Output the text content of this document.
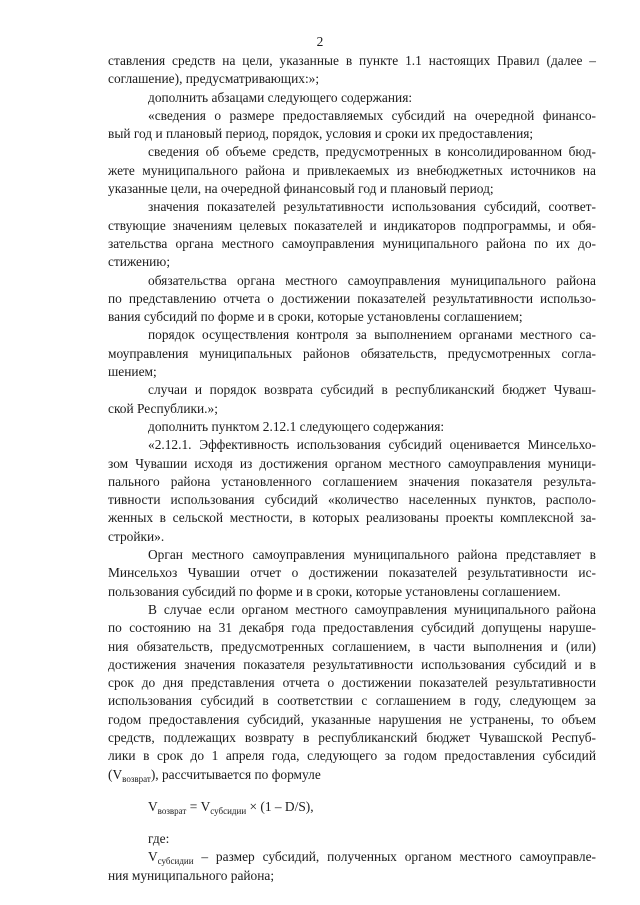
2
ставления средств на цели, указанные в пункте 1.1 настоящих Правил (далее –
соглашение), предусматривающих:»;
дополнить абзацами следующего содержания:
«сведения о размере предоставляемых субсидий на очередной финансо-
вый год и плановый период, порядок, условия и сроки их предоставления;
сведения об объеме средств, предусмотренных в консолидированном бюд-
жете муниципального района и привлекаемых из внебюджетных источников на
указанные цели, на очередной финансовый год и плановый период;
значения показателей результативности использования субсидий, соответ-
ствующие значениям целевых показателей и индикаторов подпрограммы, и обя-
зательства органа местного самоуправления муниципального района по их до-
стижению;
обязательства органа местного самоуправления муниципального района
по представлению отчета о достижении показателей результативности использо-
вания субсидий по форме и в сроки, которые установлены соглашением;
порядок осуществления контроля за выполнением органами местного са-
моуправления муниципальных районов обязательств, предусмотренных согла-
шением;
случаи и порядок возврата субсидий в республиканский бюджет Чуваш-
ской Республики.»;
дополнить пунктом 2.12.1 следующего содержания:
«2.12.1. Эффективность использования субсидий оценивается Минсельхо-
зом Чувашии исходя из достижения органом местного самоуправления муници-
пального района установленного соглашением значения показателя результа-
тивности использования субсидий «количество населенных пунктов, располо-
женных в сельской местности, в которых реализованы проекты комплексной за-
стройки».
Орган местного самоуправления муниципального района представляет в
Минсельхоз Чувашии отчет о достижении показателей результативности ис-
пользования субсидий по форме и в сроки, которые установлены соглашением.
В случае если органом местного самоуправления муниципального района
по состоянию на 31 декабря года предоставления субсидий допущены наруше-
ния обязательств, предусмотренных соглашением, в части выполнения и (или)
достижения значения показателя результативности использования субсидий и в
срок до дня представления отчета о достижении показателей результативности
использования субсидий в соответствии с соглашением в году, следующем за
годом предоставления субсидий, указанные нарушения не устранены, то объем
средств, подлежащих возврату в республиканский бюджет Чувашской Респуб-
лики в срок до 1 апреля года, следующего за годом предоставления субсидий
$(V_{возврат})$, рассчитывается по формуле
$V_{возврат} = V_{субсидии} \times (1 - D/S)$,
где:
$V_{субсидии}$ – размер субсидий, полученных органом местного самоуправле-
ния муниципального района;
